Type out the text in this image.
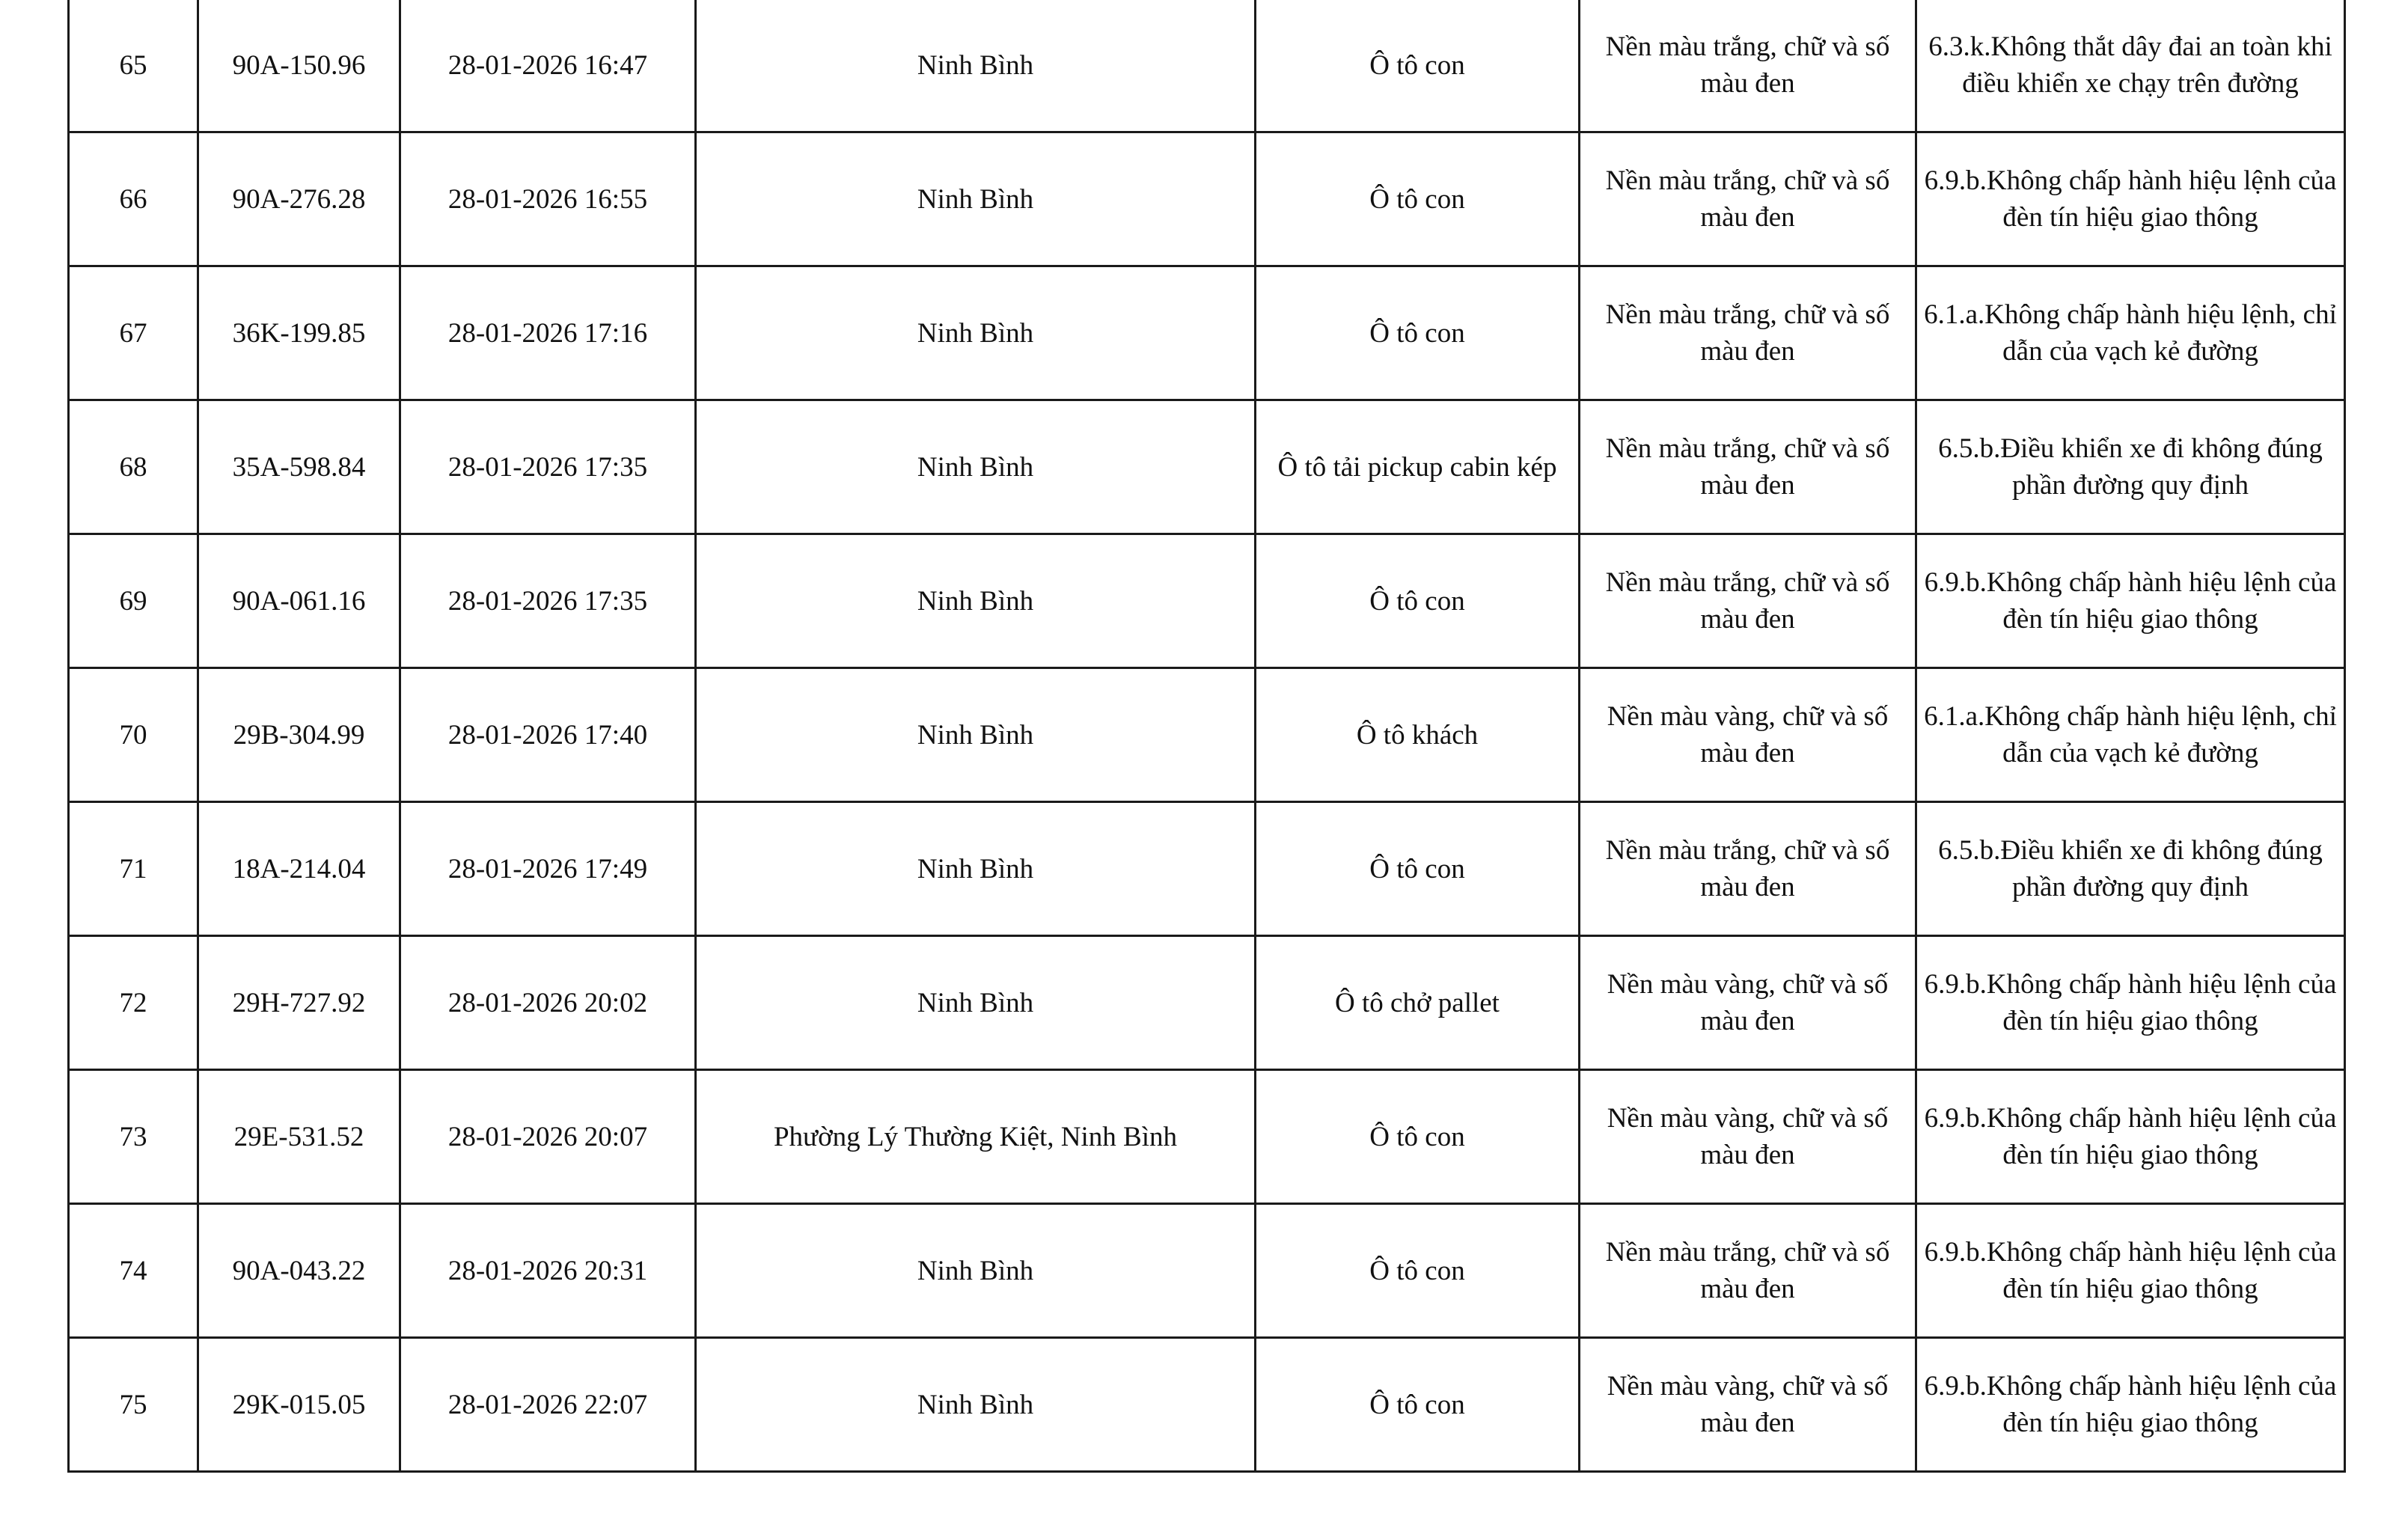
65	90A-150.96	28-01-2026 16:47	Ninh Bình	Ô tô con	Nền màu trắng, chữ và số màu đen	6.3.k.Không thắt dây đai an toàn khi điều khiển xe chạy trên đường
66	90A-276.28	28-01-2026 16:55	Ninh Bình	Ô tô con	Nền màu trắng, chữ và số màu đen	6.9.b.Không chấp hành hiệu lệnh của đèn tín hiệu giao thông
67	36K-199.85	28-01-2026 17:16	Ninh Bình	Ô tô con	Nền màu trắng, chữ và số màu đen	6.1.a.Không chấp hành hiệu lệnh, chỉ dẫn của vạch kẻ đường
68	35A-598.84	28-01-2026 17:35	Ninh Bình	Ô tô tải pickup cabin kép	Nền màu trắng, chữ và số màu đen	6.5.b.Điều khiển xe đi không đúng phần đường quy định
69	90A-061.16	28-01-2026 17:35	Ninh Bình	Ô tô con	Nền màu trắng, chữ và số màu đen	6.9.b.Không chấp hành hiệu lệnh của đèn tín hiệu giao thông
70	29B-304.99	28-01-2026 17:40	Ninh Bình	Ô tô khách	Nền màu vàng, chữ và số màu đen	6.1.a.Không chấp hành hiệu lệnh, chỉ dẫn của vạch kẻ đường
71	18A-214.04	28-01-2026 17:49	Ninh Bình	Ô tô con	Nền màu trắng, chữ và số màu đen	6.5.b.Điều khiển xe đi không đúng phần đường quy định
72	29H-727.92	28-01-2026 20:02	Ninh Bình	Ô tô chở pallet	Nền màu vàng, chữ và số màu đen	6.9.b.Không chấp hành hiệu lệnh của đèn tín hiệu giao thông
73	29E-531.52	28-01-2026 20:07	Phường Lý Thường Kiệt, Ninh Bình	Ô tô con	Nền màu vàng, chữ và số màu đen	6.9.b.Không chấp hành hiệu lệnh của đèn tín hiệu giao thông
74	90A-043.22	28-01-2026 20:31	Ninh Bình	Ô tô con	Nền màu trắng, chữ và số màu đen	6.9.b.Không chấp hành hiệu lệnh của đèn tín hiệu giao thông
75	29K-015.05	28-01-2026 22:07	Ninh Bình	Ô tô con	Nền màu vàng, chữ và số màu đen	6.9.b.Không chấp hành hiệu lệnh của đèn tín hiệu giao thông
